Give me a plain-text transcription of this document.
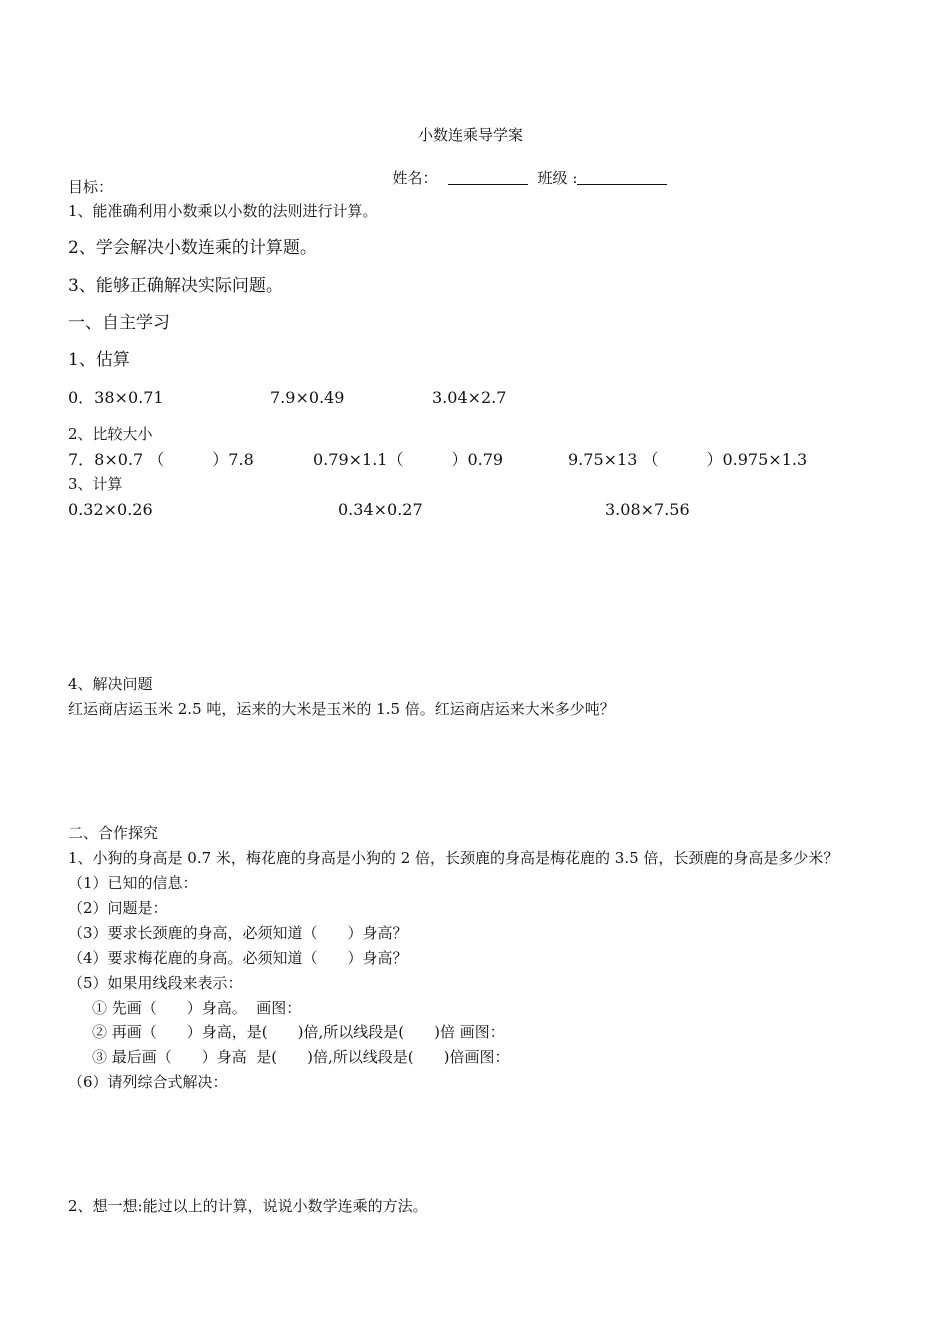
小数连乘导学案

姓名：	班级 :

目标：
1、能准确利用小数乘以小数的法则进行计算。
2、学会解决小数连乘的计算题。
3、能够正确解决实际问题。
一、自主学习
1、估算
0．38×0.71	7.9×0.49	3.04×2.7
2、比较大小
7．8×0.7 （　　　）7.8	0.79×1.1（　　　）0.79	9.75×13 （　　　）0.975×1.3
3、计算
0.32×0.26	0.34×0.27	3.08×7.56
4、解决问题
红运商店运玉米 2.5 吨，运来的大米是玉米的 1.5 倍。红运商店运来大米多少吨？
二、合作探究
1、小狗的身高是 0.7 米，梅花鹿的身高是小狗的 2 倍，长颈鹿的身高是梅花鹿的 3.5 倍，长颈鹿的身高是多少米？
（1）已知的信息：
（2）问题是：
（3）要求长颈鹿的身高，必须知道（　　）身高？
（4）要求梅花鹿的身高。必须知道（　　）身高？
（5）如果用线段来表示：
① 先画（　　）身高。  画图：
② 再画（　　）身高，是(　　)倍,所以线段是(　　)倍 画图：
③ 最后画（　　）身高  是(　　)倍,所以线段是(　　)倍画图：
（6）请列综合式解决：
2、想一想:能过以上的计算，说说小数学连乘的方法。
